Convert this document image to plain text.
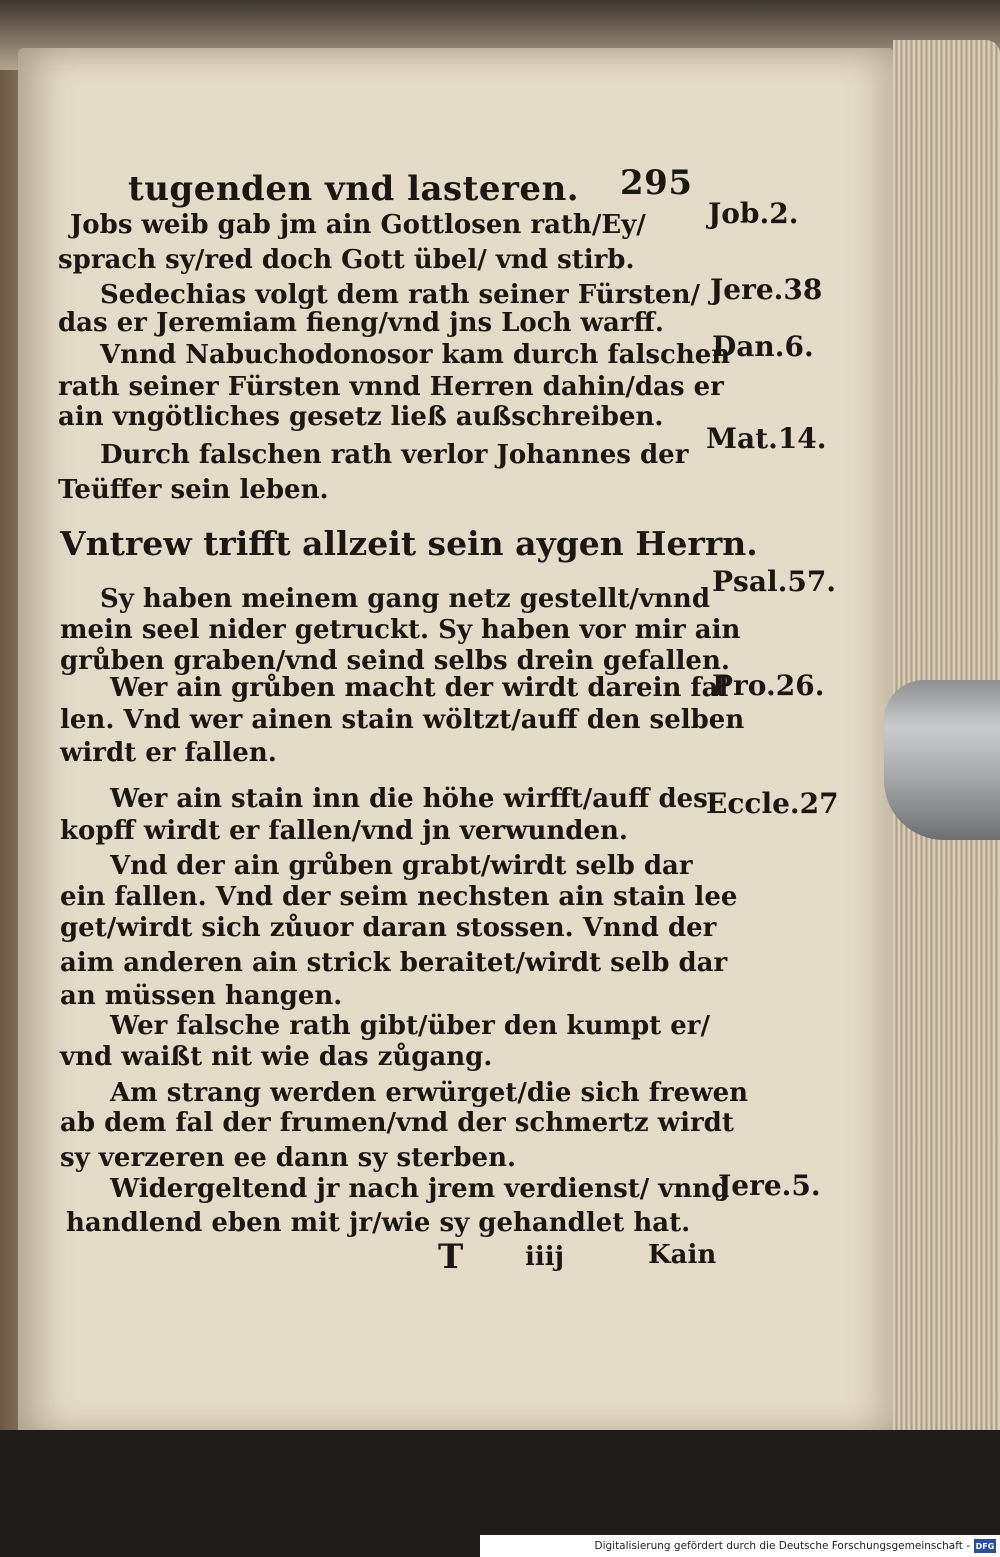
tugenden vnd lasteren. 295
Jobs weib gab jm ain Gottlosen rath/Ey/
sprach sy/red doch Gott übel/ vnd stirb.
Sedechias volgt dem rath seiner Fürsten/
das er Jeremiam fieng/vnd jns Loch warff.
Vnnd Nabuchodonosor kam durch falschen
rath seiner Fürsten vnnd Herren dahin/das er
ain vngötliches gesetz ließ außschreiben.
Durch falschen rath verlor Johannes der
Teüffer sein leben.
Vntrew trifft allzeit sein aygen Herrn.
Sy haben meinem gang netz gestellt/vnnd
mein seel nider getruckt. Sy haben vor mir ain
grůben graben/vnd seind selbs drein gefallen.
Wer ain grůben macht der wirdt darein fal
len. Vnd wer ainen stain wöltzt/auff den selben
wirdt er fallen.
Wer ain stain inn die höhe wirfft/auff des
kopff wirdt er fallen/vnd jn verwunden.
Vnd der ain grůben grabt/wirdt selb dar
ein fallen. Vnd der seim nechsten ain stain lee
get/wirdt sich zůuor daran stossen. Vnnd der
aim anderen ain strick beraitet/wirdt selb dar
an müssen hangen.
Wer falsche rath gibt/über den kumpt er/
vnd waißt nit wie das zůgang.
Am strang werden erwürget/die sich frewen
ab dem fal der frumen/vnd der schmertz wirdt
sy verzeren ee dann sy sterben.
Widergeltend jr nach jrem verdienst/ vnnd
handlend eben mit jr/wie sy gehandlet hat.
Job.2.
Jere.38
Dan.6.
Mat.14.
Psal.57.
Pro.26.
Eccle.27
Jere.5.
T iiij	Kain
Digitalisierung gefördert durch die Deutsche Forschungsgemeinschaft - DFG
